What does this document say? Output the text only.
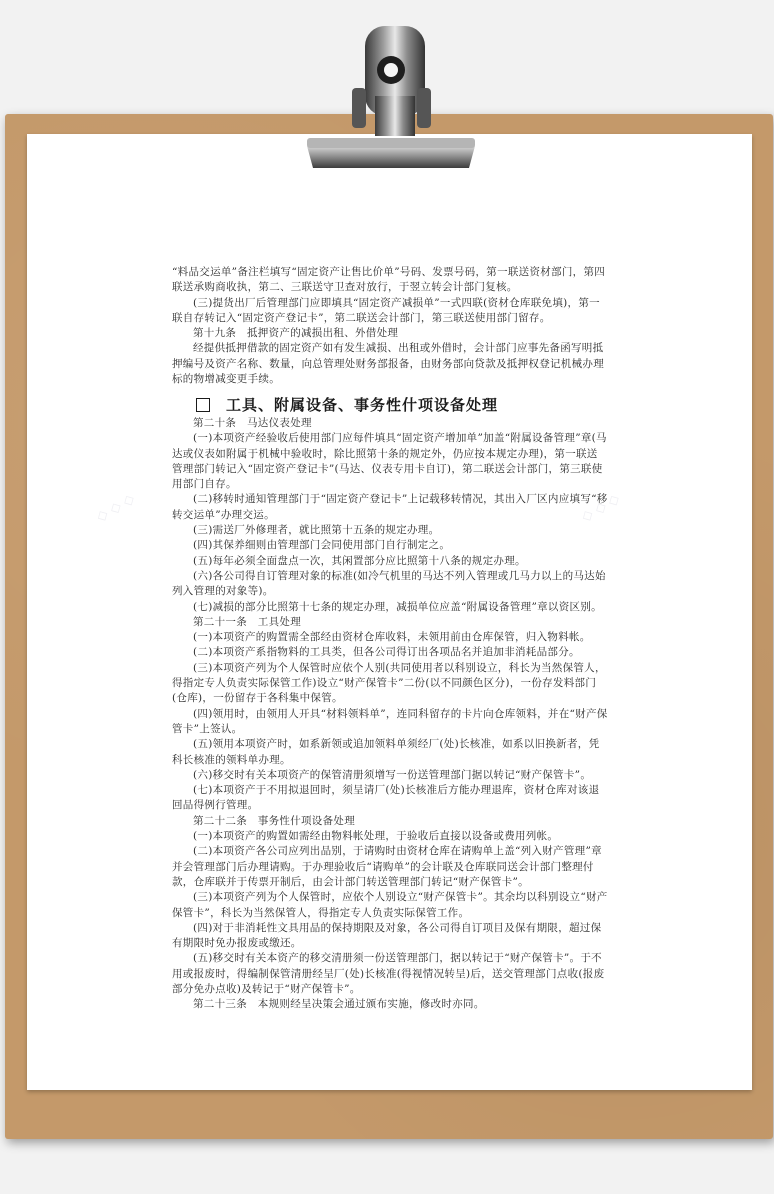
◇ ◇ ◇	◇ ◇ ◇

“料品交运单”备注栏填写“固定资产让售比价单”号码、发票号码，第一联送资材部门，第四联送承购商收执，第二、三联送守卫查对放行，于翌立转会计部门复核。

(三)提货出厂后管理部门应即填具“固定资产减损单”一式四联(资材仓库联免填)，第一联自存转记入“固定资产登记卡”，第二联送会计部门，第三联送使用部门留存。

第十九条　抵押资产的减损出租、外借处理

经提供抵押借款的固定资产如有发生减损、出租或外借时，会计部门应事先备函写明抵押编号及资产名称、数量，向总管理处财务部报备，由财务部向贷款及抵押权登记机械办理标的物增减变更手续。

工具、附属设备、事务性什项设备处理

第二十条　马达仪表处理

(一)本项资产经验收后使用部门应每件填具“固定资产增加单”加盖“附属设备管理”章(马达或仪表如附属于机械中验收时，除比照第十条的规定外，仍应按本规定办理)，第一联送管理部门转记入“固定资产登记卡”(马达、仪表专用卡自订)，第二联送会计部门，第三联使用部门自存。

(二)移转时通知管理部门于“固定资产登记卡”上记载移转情况，其出入厂区内应填写“移转交运单”办理交运。

(三)需送厂外修理者，就比照第十五条的规定办理。

(四)其保养细则由管理部门会同使用部门自行制定之。

(五)每年必须全面盘点一次，其闲置部分应比照第十八条的规定办理。

(六)各公司得自订管理对象的标准(如冷气机里的马达不列入管理或几马力以上的马达始列入管理的对象等)。

(七)减损的部分比照第十七条的规定办理，减损单位应盖“附属设备管理”章以资区别。

第二十一条　工具处理

(一)本项资产的购置需全部经由资材仓库收料，未领用前由仓库保管，归入物料帐。

(二)本项资产系指物料的工具类，但各公司得订出各项品名并追加非消耗品部分。

(三)本项资产列为个人保管时应依个人别(共同使用者以科别设立，科长为当然保管人，得指定专人负责实际保管工作)设立“财产保管卡”二份(以不同颜色区分)，一份存发料部门(仓库)，一份留存于各科集中保管。

(四)领用时，由领用人开具“材料领料单”，连同科留存的卡片向仓库领料，并在“财产保管卡”上签认。

(五)领用本项资产时，如系新领或追加领料单须经厂(处)长核准，如系以旧换新者，凭科长核准的领料单办理。

(六)移交时有关本项资产的保管清册须增写一份送管理部门据以转记“财产保管卡”。

(七)本项资产于不用拟退回时，须呈请厂(处)长核准后方能办理退库，资材仓库对该退回品得例行管理。

第二十二条　事务性什项设备处理

(一)本项资产的购置如需经由物料帐处理，于验收后直接以设备或费用列帐。

(二)本项资产各公司应列出品别，于请购时由资材仓库在请购单上盖“列入财产管理”章并会管理部门后办理请购。于办理验收后“请购单”的会计联及仓库联同送会计部门整理付款，仓库联并于传票开制后，由会计部门转送管理部门转记“财产保管卡”。

(三)本项资产列为个人保管时，应依个人别设立“财产保管卡”。其余均以科别设立“财产保管卡”，科长为当然保管人，得指定专人负责实际保管工作。

(四)对于非消耗性文具用品的保持期限及对象，各公司得自订项目及保有期限，超过保有期限时免办报废或缴还。

(五)移交时有关本资产的移交清册须一份送管理部门，据以转记于“财产保管卡”。于不用或报废时，得编制保管清册经呈厂(处)长核准(得视情况转呈)后，送交管理部门点收(报废部分免办点收)及转记于“财产保管卡”。

第二十三条　本规则经呈决策会通过颁布实施，修改时亦同。
